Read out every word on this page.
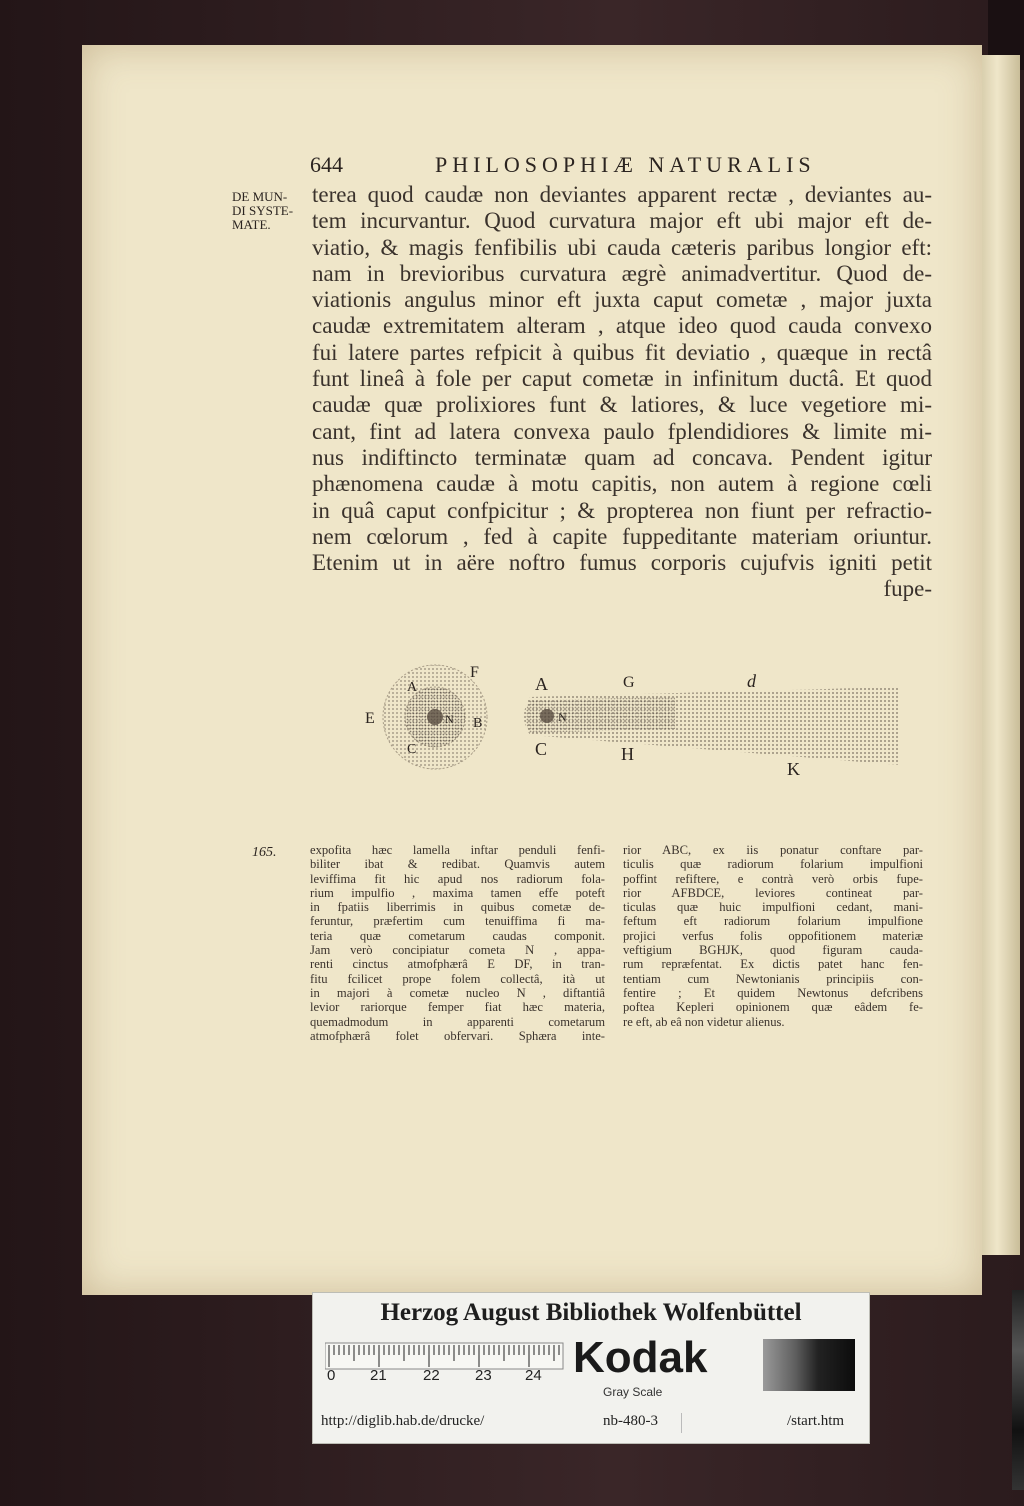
644	PHILOSOPHIÆ NATURALIS
DE MUN-
DI SYSTE-
MATE.
terea quod caudæ non deviantes apparent rectæ , deviantes au-
tem incurvantur. Quod curvatura major eft ubi major eft de-
viatio, & magis fenfibilis ubi cauda cæteris paribus longior eft:
nam in brevioribus curvatura ægrè animadvertitur. Quod de-
viationis angulus minor eft juxta caput cometæ , major juxta
caudæ extremitatem alteram , atque ideo quod cauda convexo
fui latere partes refpicit à quibus fit deviatio , quæque in rectâ
funt lineâ à fole per caput cometæ in infinitum ductâ. Et quod
caudæ quæ prolixiores funt & latiores, & luce vegetiore mi-
cant, fint ad latera convexa paulo fplendidiores & limite mi-
nus indiftincto terminatæ quam ad concava. Pendent igitur
phænomena caudæ à motu capitis, non autem à regione cœli
in quâ caput confpicitur ; & propterea non fiunt per refractio-
nem cœlorum , fed à capite fuppeditante materiam oriuntur.
Etenim ut in aëre noftro fumus corporis cujufvis igniti petit
fupe-
F
A
E	N B
C
A	G	d
N
C	H
K
165.	expofita hæc lamella inftar penduli fenfi-
biliter ibat & redibat. Quamvis autem
leviffima fit hic apud nos radiorum fola-
rium impulfio , maxima tamen effe poteft
in fpatiis liberrimis in quibus cometæ de-
feruntur, præfertim cum tenuiffima fi ma-
teria quæ cometarum caudas componit.
Jam verò concipiatur cometa N , appa-
renti cinctus atmofphærâ E DF, in tran-
fitu fcilicet prope folem collectâ, ità ut
in majori à cometæ nucleo N , diftantiâ
levior rariorque femper fiat hæc materia,
quemadmodum in apparenti cometarum
atmofphærâ folet obfervari. Sphæra inte-
rior ABC, ex iis ponatur conftare par-
ticulis quæ radiorum folarium impulfioni
poffint refiftere, e contrà verò orbis fupe-
rior AFBDCE, leviores contineat par-
ticulas quæ huic impulfioni cedant, mani-
feftum eft radiorum folarium impulfione
projici verfus folis oppofitionem materiæ
veftigium BGHJK, quod figuram cauda-
rum repræfentat. Ex dictis patet hanc fen-
tentiam cum Newtonianis principiis con-
fentire ; Et quidem Newtonus defcribens
poftea Kepleri opinionem quæ eâdem fe-
re eft, ab eâ non videtur alienus.
Herzog August Bibliothek Wolfenbüttel
0 21 22 23 24 Kodak
Gray Scale
http://diglib.hab.de/drucke/	nb-480-3	/start.htm
